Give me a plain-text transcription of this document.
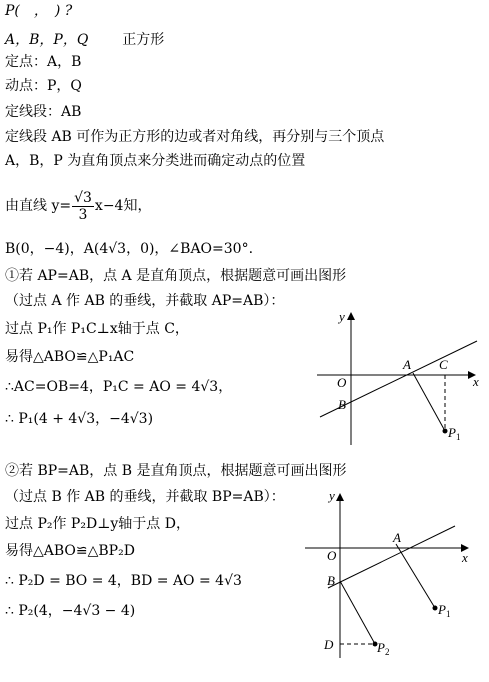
P(　，　) ?
A，B，P，Q 正方形
定点：A，B
动点：P，Q
定线段：AB
定线段 AB 可作为正方形的边或者对角线，再分别与三个顶点
A，B，P 为直角顶点来分类进而确定动点的位置
由直线 $y= \frac{√3}{3} x-4$知，
B(0，−4)，A(4√3，0)，∠BAO=30°.
①若 AP=AB，点 A 是直角顶点，根据题意可画出图形
（过点 A 作 AB 的垂线，并截取 AP=AB）：
过点 P₁作 P₁C⊥x轴于点 C，
易得△ABO≌△P₁AC
∴AC=OB=4，P₁C = AO = 4√3，
∴ P₁(4 + 4√3，−4√3)
②若 BP=AB，点 B 是直角顶点，根据题意可画出图形
（过点 B 作 AB 的垂线，并截取 BP=AB）：
过点 P₂作 P₂D⊥y轴于点 D，
易得△ABO≌△BP₂D
∴ P₂D = BO = 4，BD = AO = 4√3
∴ P₂(4，−4√3 − 4)
y
x
O
A
B
C
$P_1$
y
x
O
A
B
D
$P_1$
$P_2$
